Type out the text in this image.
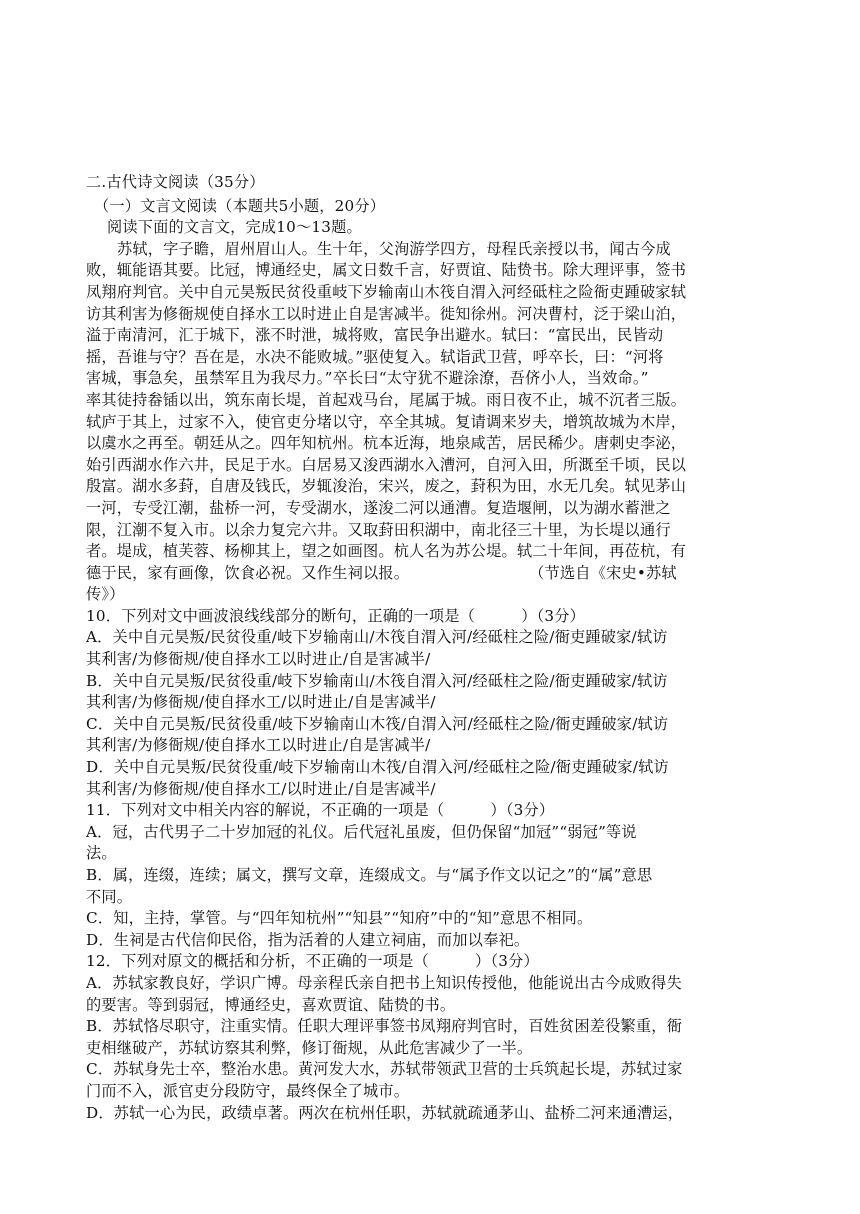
二.古代诗文阅读（35分）
（一）文言文阅读（本题共5小题，20分）
阅读下面的文言文，完成10～13题。
苏轼，字子瞻，眉州眉山人。生十年，父洵游学四方，母程氏亲授以书，闻古今成
败，辄能语其要。比冠，博通经史，属文日数千言，好贾谊、陆贽书。除大理评事，签书
凤翔府判官。关中自元昊叛民贫役重岐下岁输南山木筏自渭入河经砥柱之险衙吏踵破家轼
访其利害为修衙规使自择水工以时进止自是害减半。徙知徐州。河决曹村，泛于梁山泊，
溢于南清河，汇于城下，涨不时泄，城将败，富民争出避水。轼曰：“富民出，民皆动
摇，吾谁与守？吾在是，水决不能败城。”驱使复入。轼诣武卫营，呼卒长，曰：“河将
害城，事急矣，虽禁军且为我尽力。”卒长曰“太守犹不避涂潦，吾侪小人，当效命。”
率其徒持畚锸以出，筑东南长堤，首起戏马台，尾属于城。雨日夜不止，城不沉者三版。
轼庐于其上，过家不入，使官吏分堵以守，卒全其城。复请调来岁夫，增筑故城为木岸，
以虞水之再至。朝廷从之。四年知杭州。杭本近海，地泉咸苦，居民稀少。唐刺史李泌，
始引西湖水作六井，民足于水。白居易又浚西湖水入漕河，自河入田，所溉至千顷，民以
殷富。湖水多葑，自唐及钱氏，岁辄浚治，宋兴，废之，葑积为田，水无几矣。轼见茅山
一河，专受江潮，盐桥一河，专受湖水，遂浚二河以通漕。复造堰闸，以为湖水蓄泄之
限，江潮不复入市。以余力复完六井。又取葑田积湖中，南北径三十里，为长堤以通行
者。堤成，植芙蓉、杨柳其上，望之如画图。杭人名为苏公堤。轼二十年间，再莅杭，有
德于民，家有画像，饮食必祝。又作生祠以报。	（节选自《宋史•苏轼
传》）
10．下列对文中画波浪线线部分的断句，正确的一项是（　　　）（3分）
A．关中自元昊叛/民贫役重/岐下岁输南山/木筏自渭入河/经砥柱之险/衙吏踵破家/轼访
其利害/为修衙规/使自择水工以时进止/自是害减半/
B．关中自元昊叛/民贫役重/岐下岁输南山/木筏自渭入河/经砥柱之险/衙吏踵破家/轼访
其利害/为修衙规/使自择水工/以时进止/自是害减半/
C．关中自元昊叛/民贫役重/岐下岁输南山木筏/自渭入河/经砥柱之险/衙吏踵破家/轼访
其利害/为修衙规/使自择水工以时进止/自是害减半/
D．关中自元昊叛/民贫役重/岐下岁输南山木筏/自渭入河/经砥柱之险/衙吏踵破家/轼访
其利害/为修衙规/使自择水工/以时进止/自是害减半/
11．下列对文中相关内容的解说，不正确的一项是（　　　）（3分）
A．冠，古代男子二十岁加冠的礼仪。后代冠礼虽废，但仍保留“加冠”“弱冠”等说
法。
B．属，连缀，连续；属文，撰写文章，连缀成文。与“属予作文以记之”的“属”意思
不同。
C．知，主持，掌管。与“四年知杭州”“知县”“知府”中的“知”意思不相同。
D．生祠是古代信仰民俗，指为活着的人建立祠庙，而加以奉祀。
12．下列对原文的概括和分析，不正确的一项是（　　　）（3分）
A．苏轼家教良好，学识广博。母亲程氏亲自把书上知识传授他，他能说出古今成败得失
的要害。等到弱冠，博通经史，喜欢贾谊、陆贽的书。
B．苏轼恪尽职守，注重实情。任职大理评事签书凤翔府判官时，百姓贫困差役繁重，衙
吏相继破产，苏轼访察其利弊，修订衙规，从此危害减少了一半。
C．苏轼身先士卒，整治水患。黄河发大水，苏轼带领武卫营的士兵筑起长堤，苏轼过家
门而不入，派官吏分段防守，最终保全了城市。
D．苏轼一心为民，政绩卓著。两次在杭州任职，苏轼就疏通茅山、盐桥二河来通漕运，
